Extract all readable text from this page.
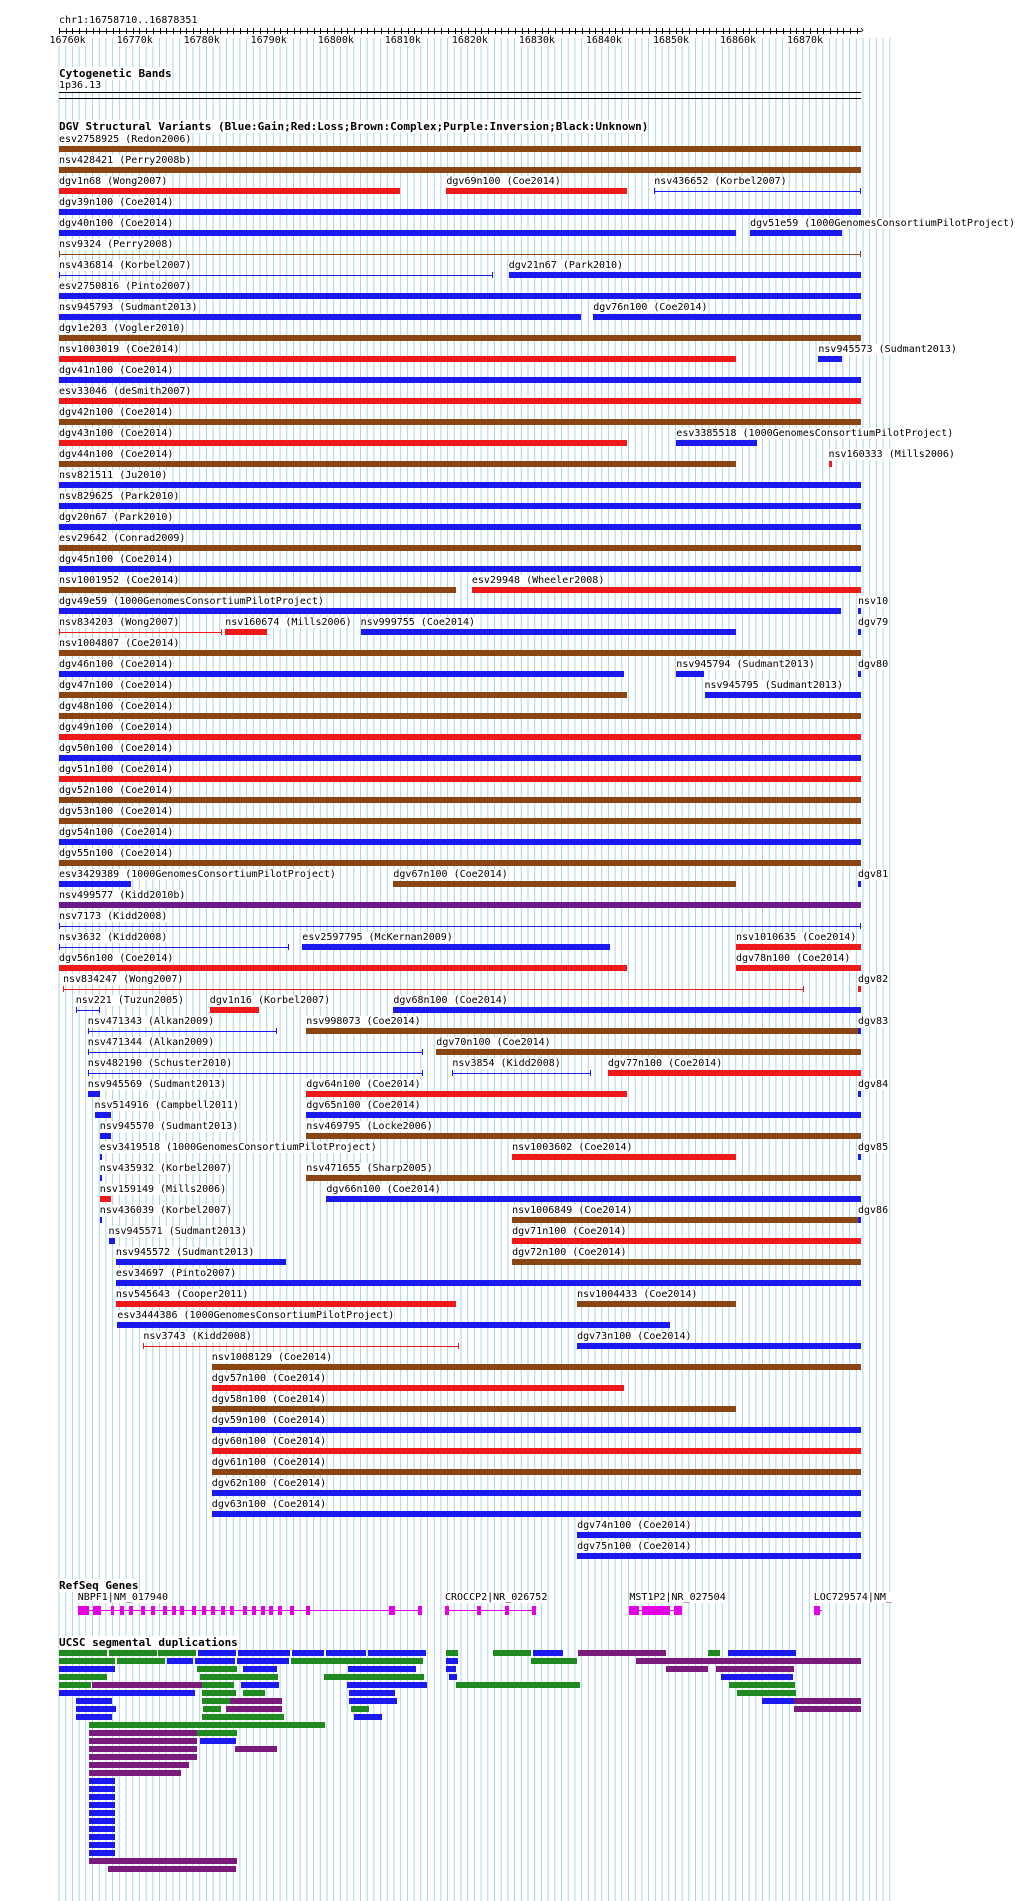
chr1:16758710..16878351
›
16760k	16770k	16780k	16790k	16800k	16810k	16820k	16830k	16840k	16850k	16860k	16870k
Cytogenetic Bands
1p36.13
DGV Structural Variants (Blue:Gain;Red:Loss;Brown:Complex;Purple:Inversion;Black:Unknown)
esv2758925 (Redon2006)
nsv428421 (Perry2008b)
dgv1n68 (Wong2007)	dgv69n100 (Coe2014)	nsv436652 (Korbel2007)
dgv39n100 (Coe2014)
dgv40n100 (Coe2014)	dgv51e59 (1000GenomesConsortiumPilotProject)
nsv9324 (Perry2008)
nsv436814 (Korbel2007)	dgv21n67 (Park2010)
esv2750816 (Pinto2007)
nsv945793 (Sudmant2013)	dgv76n100 (Coe2014)
dgv1e203 (Vogler2010)
nsv1003019 (Coe2014)	nsv945573 (Sudmant2013)
dgv41n100 (Coe2014)
esv33046 (deSmith2007)
dgv42n100 (Coe2014)
dgv43n100 (Coe2014)	esv3385518 (1000GenomesConsortiumPilotProject)
dgv44n100 (Coe2014)	nsv160333 (Mills2006)
nsv821511 (Ju2010)
nsv829625 (Park2010)
dgv20n67 (Park2010)
esv29642 (Conrad2009)
dgv45n100 (Coe2014)
nsv1001952 (Coe2014)	esv29948 (Wheeler2008)
dgv49e59 (1000GenomesConsortiumPilotProject)	nsv10
nsv834203 (Wong2007)	nsv160674 (Mills2006) nsv999755 (Coe2014)	dgv79
nsv1004807 (Coe2014)
dgv46n100 (Coe2014)	nsv945794 (Sudmant2013)	dgv80
dgv47n100 (Coe2014)	nsv945795 (Sudmant2013)
dgv48n100 (Coe2014)
dgv49n100 (Coe2014)
dgv50n100 (Coe2014)
dgv51n100 (Coe2014)
dgv52n100 (Coe2014)
dgv53n100 (Coe2014)
dgv54n100 (Coe2014)
dgv55n100 (Coe2014)
esv3429389 (1000GenomesConsortiumPilotProject)	dgv67n100 (Coe2014)	dgv81
nsv499577 (Kidd2010b)
nsv7173 (Kidd2008)
nsv3632 (Kidd2008)	esv2597795 (McKernan2009)	nsv1010635 (Coe2014)
dgv56n100 (Coe2014)	dgv78n100 (Coe2014)
nsv834247 (Wong2007)	dgv82
nsv221 (Tuzun2005)	dgv1n16 (Korbel2007)	dgv68n100 (Coe2014)
nsv471343 (Alkan2009)	nsv998073 (Coe2014)	dgv83
nsv471344 (Alkan2009)	dgv70n100 (Coe2014)
nsv482190 (Schuster2010)	nsv3854 (Kidd2008)	dgv77n100 (Coe2014)
nsv945569 (Sudmant2013)	dgv64n100 (Coe2014)	dgv84
nsv514916 (Campbell2011)	dgv65n100 (Coe2014)
nsv945570 (Sudmant2013)	nsv469795 (Locke2006)
esv3419518 (1000GenomesConsortiumPilotProject)	nsv1003602 (Coe2014)	dgv85
nsv435932 (Korbel2007)	nsv471655 (Sharp2005)
nsv159149 (Mills2006)	dgv66n100 (Coe2014)
nsv436039 (Korbel2007)	nsv1006849 (Coe2014)	dgv86
nsv945571 (Sudmant2013)	dgv71n100 (Coe2014)
nsv945572 (Sudmant2013)	dgv72n100 (Coe2014)
esv34697 (Pinto2007)
nsv545643 (Cooper2011)	nsv1004433 (Coe2014)
esv3444386 (1000GenomesConsortiumPilotProject)
nsv3743 (Kidd2008)	dgv73n100 (Coe2014)
nsv1008129 (Coe2014)
dgv57n100 (Coe2014)
dgv58n100 (Coe2014)
dgv59n100 (Coe2014)
dgv60n100 (Coe2014)
dgv61n100 (Coe2014)
dgv62n100 (Coe2014)
dgv63n100 (Coe2014)
dgv74n100 (Coe2014)
dgv75n100 (Coe2014)
RefSeq Genes
NBPF1|NM_017940	CROCCP2|NR_026752	MST1P2|NR_027504	LOC729574|NM_
UCSC segmental duplications
